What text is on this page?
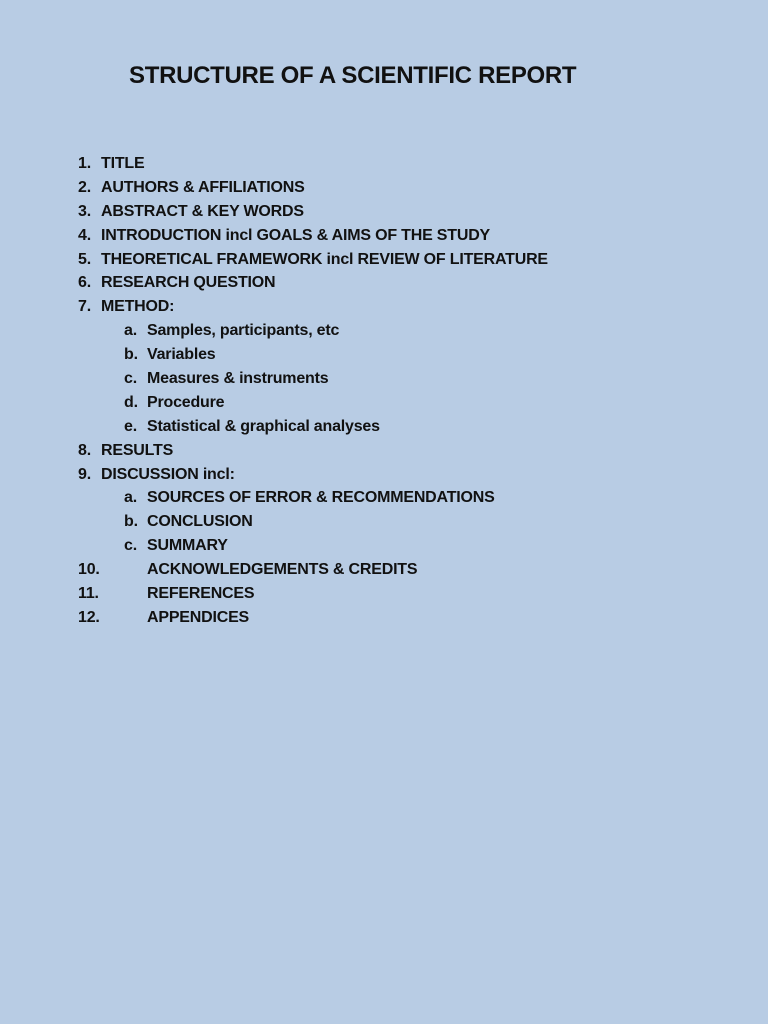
STRUCTURE OF A SCIENTIFIC REPORT
1. TITLE
2. AUTHORS & AFFILIATIONS
3. ABSTRACT & KEY WORDS
4. INTRODUCTION incl GOALS & AIMS OF THE STUDY
5. THEORETICAL FRAMEWORK incl REVIEW OF LITERATURE
6. RESEARCH QUESTION
7. METHOD:
a. Samples, participants, etc
b. Variables
c. Measures & instruments
d. Procedure
e. Statistical & graphical analyses
8. RESULTS
9. DISCUSSION incl:
a. SOURCES OF ERROR & RECOMMENDATIONS
b. CONCLUSION
c. SUMMARY
10.	ACKNOWLEDGEMENTS & CREDITS
11.	REFERENCES
12.	APPENDICES
